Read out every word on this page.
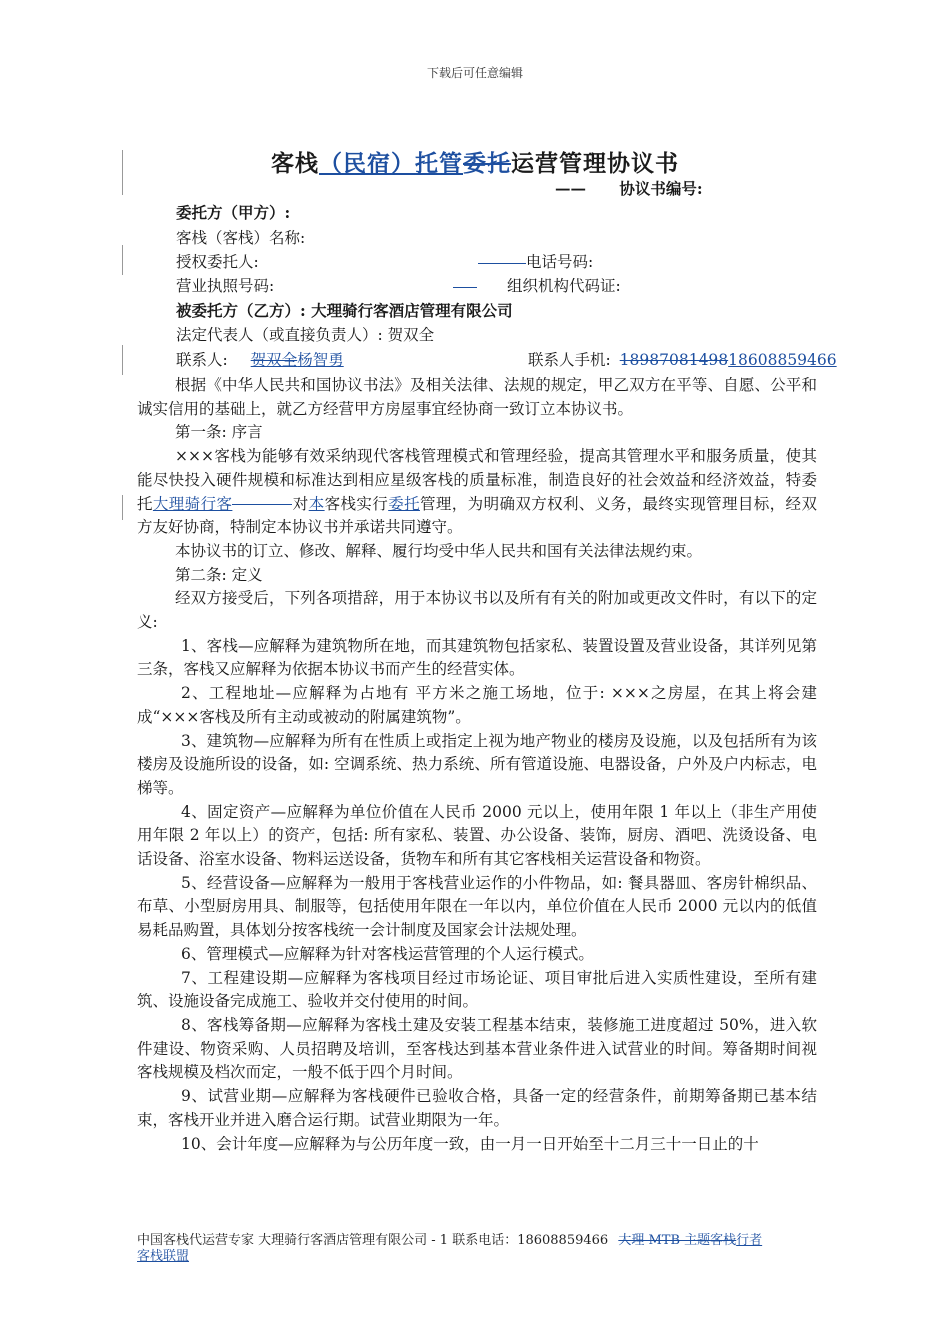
下载后可任意编辑
客栈（民宿）托管委托运营管理协议书
—— 协议书编号:
委托方（甲方）:
客栈（客栈）名称:
授权委托人:	电话号码:
营业执照号码:	组织机构代码证:
被委托方（乙方）: 大理骑行客酒店管理有限公司
法定代表人（或直接负责人）: 贺双全
联系人: 贺双全杨智勇	联系人手机: 1898708149818608859466

根据《中华人民共和国协议书法》及相关法律、法规的规定，甲乙双方在平等、自愿、公平和诚实信用的基础上，就乙方经营甲方房屋事宜经协商一致订立本协议书。

第一条: 序言

×××客栈为能够有效采纳现代客栈管理模式和管理经验，提高其管理水平和服务质量，使其能尽快投入硬件规模和标准达到相应星级客栈的质量标准，制造良好的社会效益和经济效益，特委托大理骑行客	对本客栈实行委托管理，为明确双方权利、义务，最终实现管理目标，经双方友好协商，特制定本协议书并承诺共同遵守。

本协议书的订立、修改、解释、履行均受中华人民共和国有关法律法规约束。

第二条: 定义

经双方接受后，下列各项措辞，用于本协议书以及所有有关的附加或更改文件时，有以下的定义:

1、客栈—应解释为建筑物所在地，而其建筑物包括家私、装置设置及营业设备，其详列见第三条，客栈又应解释为依据本协议书而产生的经营实体。

2、工程地址—应解释为占地有 平方米之施工场地，位于: ×××之房屋，在其上将会建成“×××客栈及所有主动或被动的附属建筑物”。

3、建筑物—应解释为所有在性质上或指定上视为地产物业的楼房及设施，以及包括所有为该楼房及设施所设的设备，如: 空调系统、热力系统、所有管道设施、电器设备，户外及户内标志，电梯等。

4、固定资产—应解释为单位价值在人民币 2000 元以上，使用年限 1 年以上（非生产用使用年限 2 年以上）的资产，包括: 所有家私、装置、办公设备、装饰，厨房、酒吧、洗烫设备、电话设备、浴室水设备、物料运送设备，货物车和所有其它客栈相关运营设备和物资。

5、经营设备—应解释为一般用于客栈营业运作的小件物品，如: 餐具器皿、客房针棉织品、布草、小型厨房用具、制服等，包括使用年限在一年以内，单位价值在人民币 2000 元以内的低值易耗品购置，具体划分按客栈统一会计制度及国家会计法规处理。

6、管理模式—应解释为针对客栈运营管理的个人运行模式。

7、工程建设期—应解释为客栈项目经过市场论证、项目审批后进入实质性建设，至所有建筑、设施设备完成施工、验收并交付使用的时间。

8、客栈筹备期—应解释为客栈土建及安装工程基本结束，装修施工进度超过 50%，进入软件建设、物资采购、人员招聘及培训，至客栈达到基本营业条件进入试营业的时间。筹备期时间视客栈规模及档次而定，一般不低于四个月时间。

9、试营业期—应解释为客栈硬件已验收合格，具备一定的经营条件，前期筹备期已基本结束，客栈开业并进入磨合运行期。试营业期限为一年。

10、会计年度—应解释为与公历年度一致，由一月一日开始至十二月三十一日止的十

中国客栈代运营专家 大理骑行客酒店管理有限公司 - 1 联系电话：18608859466 大理 MTB 主题客栈行者
客栈联盟
